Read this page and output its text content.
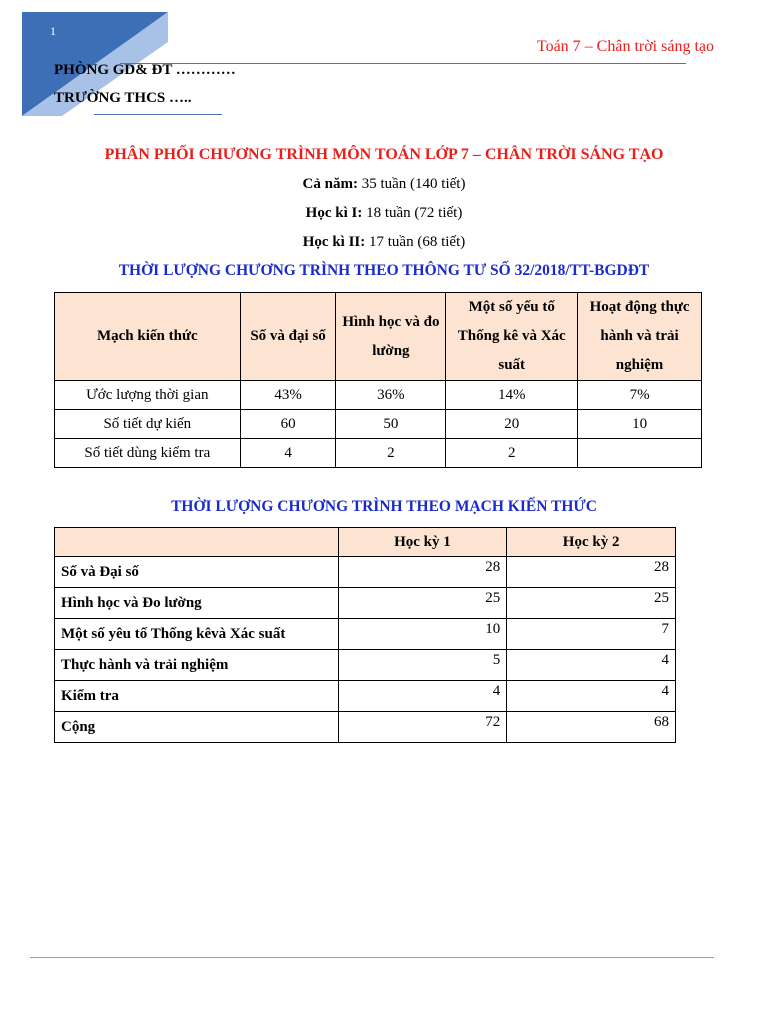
1
Toán 7 – Chân trời sáng tạo
PHÒNG GD& ĐT …………
TRƯỜNG THCS …..
PHÂN PHỐI CHƯƠNG TRÌNH MÔN TOÁN LỚP 7 – CHÂN TRỜI SÁNG TẠO
Cả năm: 35 tuần (140 tiết)
Học kì I: 18 tuần (72 tiết)
Học kì II: 17 tuần (68 tiết)
THỜI LƯỢNG CHƯƠNG TRÌNH THEO THÔNG TƯ SỐ 32/2018/TT-BGDĐT
Mạch kiến thức	Số và đại số	Hình học và đo lường	Một số yếu tố Thống kê và Xác suất	Hoạt động thực hành và trải nghiệm
Ước lượng thời gian	43%	36%	14%	7%
Số tiết dự kiến	60	50	20	10
Số tiết dùng kiểm tra	4	2	2	
THỜI LƯỢNG CHƯƠNG TRÌNH THEO MẠCH KIẾN THỨC
	Học kỳ 1	Học kỳ 2
Số và Đại số	28	28
Hình học và Đo lường	25	25
Một số yêu tố Thống kêvà Xác suất	10	7
Thực hành và trải nghiệm	5	4
Kiểm tra	4	4
Cộng	72	68
